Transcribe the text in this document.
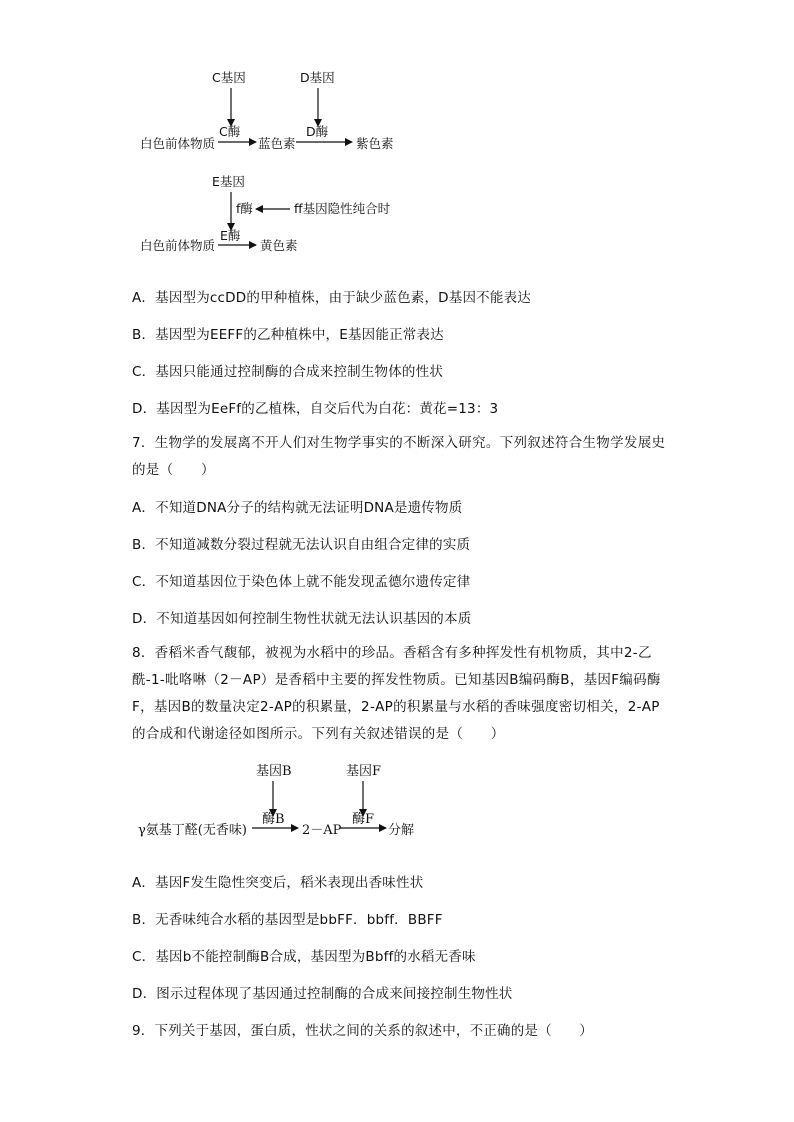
C基因	D基因
白色前体物质
C酶
蓝色素
D酶
紫色素
E基因
f酶	ff基因隐性纯合时
白色前体物质
E酶
黄色素
A．基因型为ccDD的甲种植株，由于缺少蓝色素，D基因不能表达
B．基因型为EEFF的乙种植株中，E基因能正常表达
C．基因只能通过控制酶的合成来控制生物体的性状
D．基因型为EeFf的乙植株，自交后代为白花：黄花=13：3
7．生物学的发展离不开人们对生物学事实的不断深入研究。下列叙述符合生物学发展史的是（　　）
A．不知道DNA分子的结构就无法证明DNA是遗传物质
B．不知道减数分裂过程就无法认识自由组合定律的实质
C．不知道基因位于染色体上就不能发现孟德尔遗传定律
D．不知道基因如何控制生物性状就无法认识基因的本质
8．香稻米香气馥郁，被视为水稻中的珍品。香稻含有多种挥发性有机物质，其中2-乙酰-1-吡咯啉（2－AP）是香稻中主要的挥发性物质。已知基因B编码酶B，基因F编码酶F，基因B的数量决定2-AP的积累量，2-AP的积累量与水稻的香味强度密切相关，2-AP的合成和代谢途径如图所示。下列有关叙述错误的是（　　）
基因B	基因F
γ氨基丁醛(无香味)
酶B
2－AP
酶F
分解
A．基因F发生隐性突变后，稻米表现出香味性状
B．无香味纯合水稻的基因型是bbFF．bbff．BBFF
C．基因b不能控制酶B合成，基因型为Bbff的水稻无香味
D．图示过程体现了基因通过控制酶的合成来间接控制生物性状
9．下列关于基因，蛋白质，性状之间的关系的叙述中，不正确的是（　　）
